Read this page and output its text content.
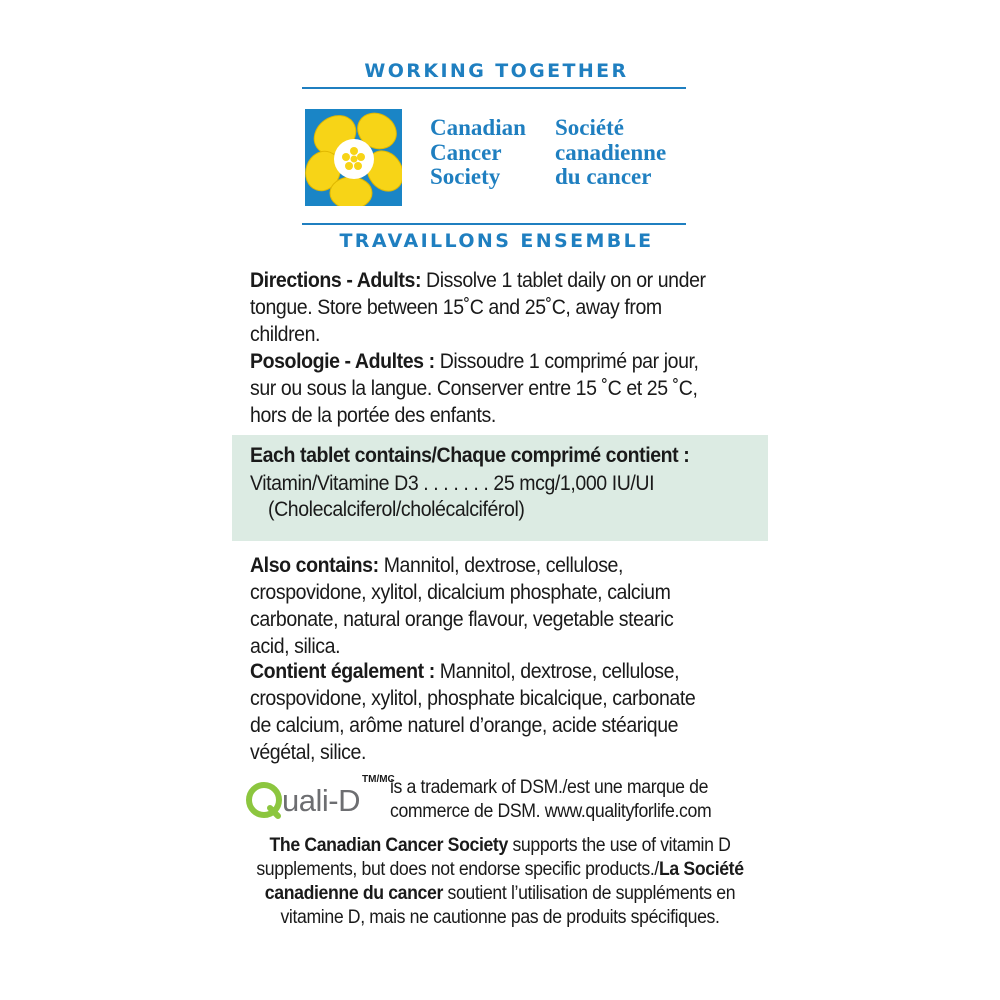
WORKING TOGETHER
Canadian
Cancer
Society
Société
canadienne
du cancer
TRAVAILLONS ENSEMBLE
Directions - Adults: Dissolve 1 tablet daily on or under tongue. Store between 15˚C and 25˚C, away from children.
Posologie - Adultes : Dissoudre 1 comprimé par jour, sur ou sous la langue. Conserver entre 15 ˚C et 25 ˚C, hors de la portée des enfants.
Each tablet contains/Chaque comprimé contient :
Vitamin/Vitamine D3 . . . . . . . 25 mcg/1,000 IU/UI
(Cholecalciferol/cholécalciférol)
Also contains: Mannitol, dextrose, cellulose, crospovidone, xylitol, dicalcium phosphate, calcium carbonate, natural orange flavour, vegetable stearic acid, silica.
Contient également : Mannitol, dextrose, cellulose, crospovidone, xylitol, phosphate bicalcique, carbonate de calcium, arôme naturel d’orange, acide stéarique végétal, silice.
uali-D
TM/MC
is a trademark of DSM./est une marque de commerce de DSM. www.qualityforlife.com
The Canadian Cancer Society supports the use of vitamin D supplements, but does not endorse specific products./La Société canadienne du cancer soutient l’utilisation de suppléments en vitamine D, mais ne cautionne pas de produits spécifiques.
